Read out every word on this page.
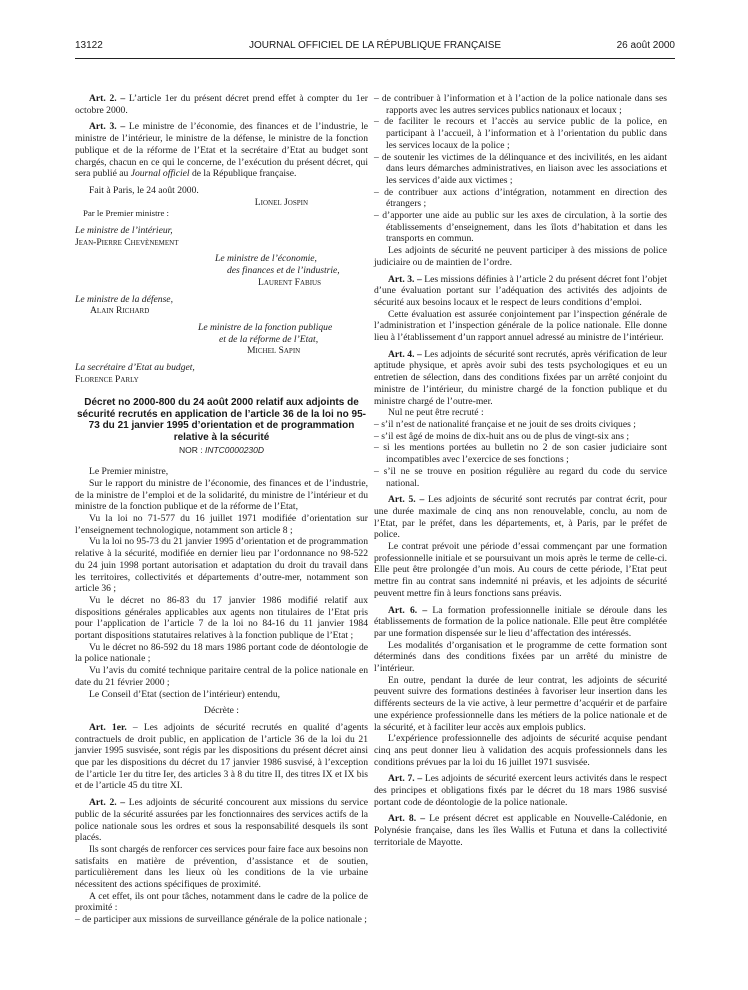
13122	JOURNAL OFFICIEL DE LA RÉPUBLIQUE FRANÇAISE	26 août 2000

Art. 2. – L’article 1er du présent décret prend effet à compter du 1er octobre 2000.

Art. 3. – Le ministre de l’économie, des finances et de l’industrie, le ministre de l’intérieur, le ministre de la défense, le ministre de la fonction publique et de la réforme de l’Etat et la secrétaire d’Etat au budget sont chargés, chacun en ce qui le concerne, de l’exécution du présent décret, qui sera publié au Journal officiel de la République française.

Fait à Paris, le 24 août 2000.

Lionel Jospin

Par le Premier ministre :

Le ministre de l’intérieur,

Jean-Pierre Chevènement

Le ministre de l’économie,

des finances et de l’industrie,

Laurent Fabius

Le ministre de la défense,

Alain Richard

Le ministre de la fonction publique

et de la réforme de l’Etat,

Michel Sapin

La secrétaire d’Etat au budget,

Florence Parly

Décret no 2000-800 du 24 août 2000 relatif aux adjoints de sécurité recrutés en application de l’article 36 de la loi no 95-73 du 21 janvier 1995 d’orientation et de programmation relative à la sécurité

NOR : INTC0000230D

Le Premier ministre,

Sur le rapport du ministre de l’économie, des finances et de l’industrie, de la ministre de l’emploi et de la solidarité, du ministre de l’intérieur et du ministre de la fonction publique et de la réforme de l’Etat,

Vu la loi no 71-577 du 16 juillet 1971 modifiée d’orientation sur l’enseignement technologique, notamment son article 8 ;

Vu la loi no 95-73 du 21 janvier 1995 d’orientation et de programmation relative à la sécurité, modifiée en dernier lieu par l’ordonnance no 98-522 du 24 juin 1998 portant autorisation et adaptation du droit du travail dans les territoires, collectivités et départements d’outre-mer, notamment son article 36 ;

Vu le décret no 86-83 du 17 janvier 1986 modifié relatif aux dispositions générales applicables aux agents non titulaires de l’Etat pris pour l’application de l’article 7 de la loi no 84-16 du 11 janvier 1984 portant dispositions statutaires relatives à la fonction publique de l’Etat ;

Vu le décret no 86-592 du 18 mars 1986 portant code de déontologie de la police nationale ;

Vu l’avis du comité technique paritaire central de la police nationale en date du 21 février 2000 ;

Le Conseil d’Etat (section de l’intérieur) entendu,

Décrète :

Art. 1er. – Les adjoints de sécurité recrutés en qualité d’agents contractuels de droit public, en application de l’article 36 de la loi du 21 janvier 1995 susvisée, sont régis par les dispositions du présent décret ainsi que par les dispositions du décret du 17 janvier 1986 susvisé, à l’exception de l’article 1er du titre Ier, des articles 3 à 8 du titre II, des titres IX et IX bis et de l’article 45 du titre XI.

Art. 2. – Les adjoints de sécurité concourent aux missions du service public de la sécurité assurées par les fonctionnaires des services actifs de la police nationale sous les ordres et sous la responsabilité desquels ils sont placés.

Ils sont chargés de renforcer ces services pour faire face aux besoins non satisfaits en matière de prévention, d’assistance et de soutien, particulièrement dans les lieux où les conditions de la vie urbaine nécessitent des actions spécifiques de proximité.

A cet effet, ils ont pour tâches, notamment dans le cadre de la police de proximité :

– de participer aux missions de surveillance générale de la police nationale ;

– de contribuer à l’information et à l’action de la police nationale dans ses rapports avec les autres services publics nationaux et locaux ;

– de faciliter le recours et l’accès au service public de la police, en participant à l’accueil, à l’information et à l’orientation du public dans les services locaux de la police ;

– de soutenir les victimes de la délinquance et des incivilités, en les aidant dans leurs démarches administratives, en liaison avec les associations et les services d’aide aux victimes ;

– de contribuer aux actions d’intégration, notamment en direction des étrangers ;

– d’apporter une aide au public sur les axes de circulation, à la sortie des établissements d’enseignement, dans les îlots d’habitation et dans les transports en commun.

Les adjoints de sécurité ne peuvent participer à des missions de police judiciaire ou de maintien de l’ordre.

Art. 3. – Les missions définies à l’article 2 du présent décret font l’objet d’une évaluation portant sur l’adéquation des activités des adjoints de sécurité aux besoins locaux et le respect de leurs conditions d’emploi.

Cette évaluation est assurée conjointement par l’inspection générale de l’administration et l’inspection générale de la police nationale. Elle donne lieu à l’établissement d’un rapport annuel adressé au ministre de l’intérieur.

Art. 4. – Les adjoints de sécurité sont recrutés, après vérification de leur aptitude physique, et après avoir subi des tests psychologiques et eu un entretien de sélection, dans des conditions fixées par un arrêté conjoint du ministre de l’intérieur, du ministre chargé de la fonction publique et du ministre chargé de l’outre-mer.

Nul ne peut être recruté :

– s’il n’est de nationalité française et ne jouit de ses droits civiques ;

– s’il est âgé de moins de dix-huit ans ou de plus de vingt-six ans ;

– si les mentions portées au bulletin no 2 de son casier judiciaire sont incompatibles avec l’exercice de ses fonctions ;

– s’il ne se trouve en position régulière au regard du code du service national.

Art. 5. – Les adjoints de sécurité sont recrutés par contrat écrit, pour une durée maximale de cinq ans non renouvelable, conclu, au nom de l’Etat, par le préfet, dans les départements, et, à Paris, par le préfet de police.

Le contrat prévoit une période d’essai commençant par une formation professionnelle initiale et se poursuivant un mois après le terme de celle-ci. Elle peut être prolongée d’un mois. Au cours de cette période, l’Etat peut mettre fin au contrat sans indemnité ni préavis, et les adjoints de sécurité peuvent mettre fin à leurs fonctions sans préavis.

Art. 6. – La formation professionnelle initiale se déroule dans les établissements de formation de la police nationale. Elle peut être complétée par une formation dispensée sur le lieu d’affectation des intéressés.

Les modalités d’organisation et le programme de cette formation sont déterminés dans des conditions fixées par un arrêté du ministre de l’intérieur.

En outre, pendant la durée de leur contrat, les adjoints de sécurité peuvent suivre des formations destinées à favoriser leur insertion dans les différents secteurs de la vie active, à leur permettre d’acquérir et de parfaire une expérience professionnelle dans les métiers de la police nationale et de la sécurité, et à faciliter leur accès aux emplois publics.

L’expérience professionnelle des adjoints de sécurité acquise pendant cinq ans peut donner lieu à validation des acquis professionnels dans les conditions prévues par la loi du 16 juillet 1971 susvisée.

Art. 7. – Les adjoints de sécurité exercent leurs activités dans le respect des principes et obligations fixés par le décret du 18 mars 1986 susvisé portant code de déontologie de la police nationale.

Art. 8. – Le présent décret est applicable en Nouvelle-Calédonie, en Polynésie française, dans les îles Wallis et Futuna et dans la collectivité territoriale de Mayotte.
